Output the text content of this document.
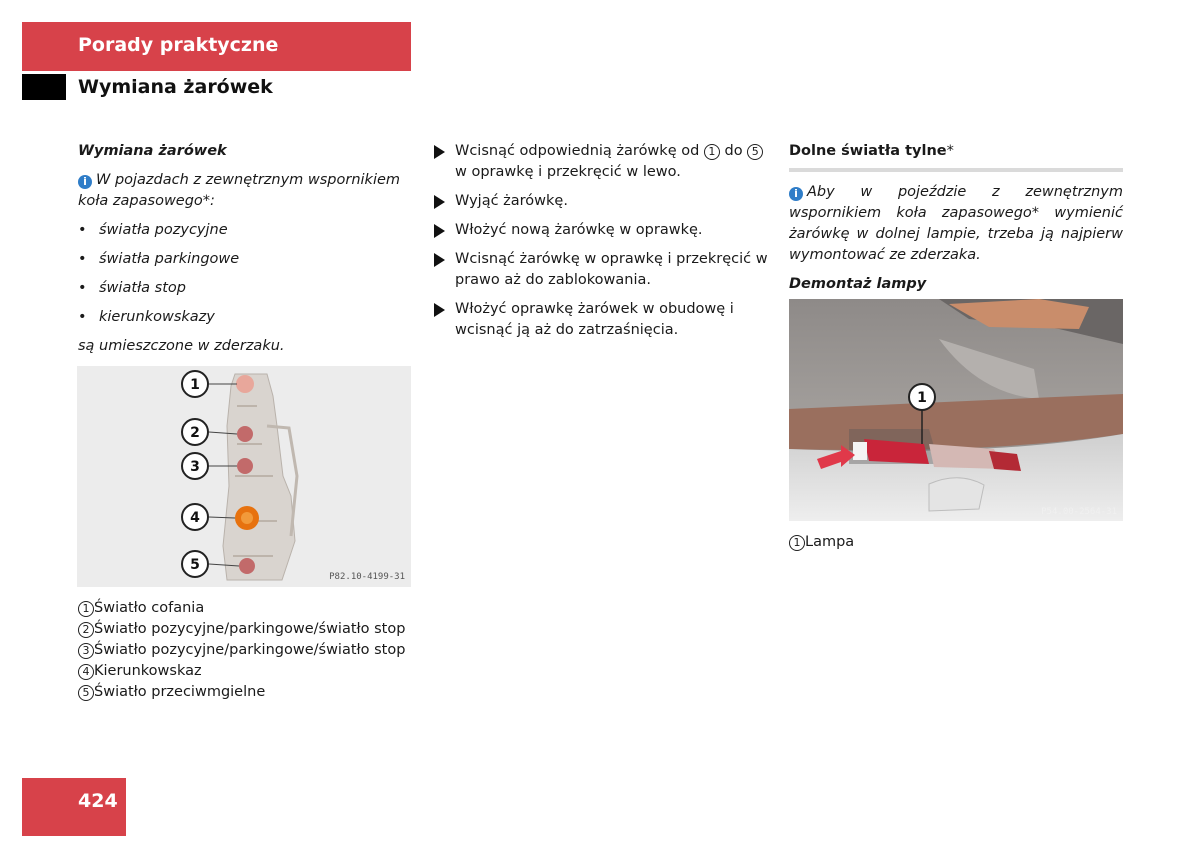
Porady praktyczne
Wymiana żarówek
Wymiana żarówek
i W pojazdach z zewnętrznym wspornikiem koła zapasowego*:
• światła pozycyjne
• światła parkingowe
• światła stop
• kierunkowskazy
są umieszczone w zderzaku.
1
2
3
4
5
P82.10-4199-31
1 Światło cofania
2 Światło pozycyjne/parkingowe/światło stop
3 Światło pozycyjne/parkingowe/światło stop
4 Kierunkowskaz
5 Światło przeciwmgielne
Wcisnąć odpowiednią żarówkę od 1 do 5 w oprawkę i przekręcić w lewo.
Wyjąć żarówkę.
Włożyć nową żarówkę w oprawkę.
Wcisnąć żarówkę w oprawkę i przekręcić w prawo aż do zablokowania.
Włożyć oprawkę żarówek w obudowę i wcisnąć ją aż do zatrzaśnięcia.
Dolne światła tylne*
i Aby w pojeździe z zewnętrznym wspornikiem koła zapasowego* wymienić żarówkę w dolnej lampie, trzeba ją najpierw wymontować ze zderzaka.
Demontaż lampy
1
P54.00-2564-31
1 Lampa
424
